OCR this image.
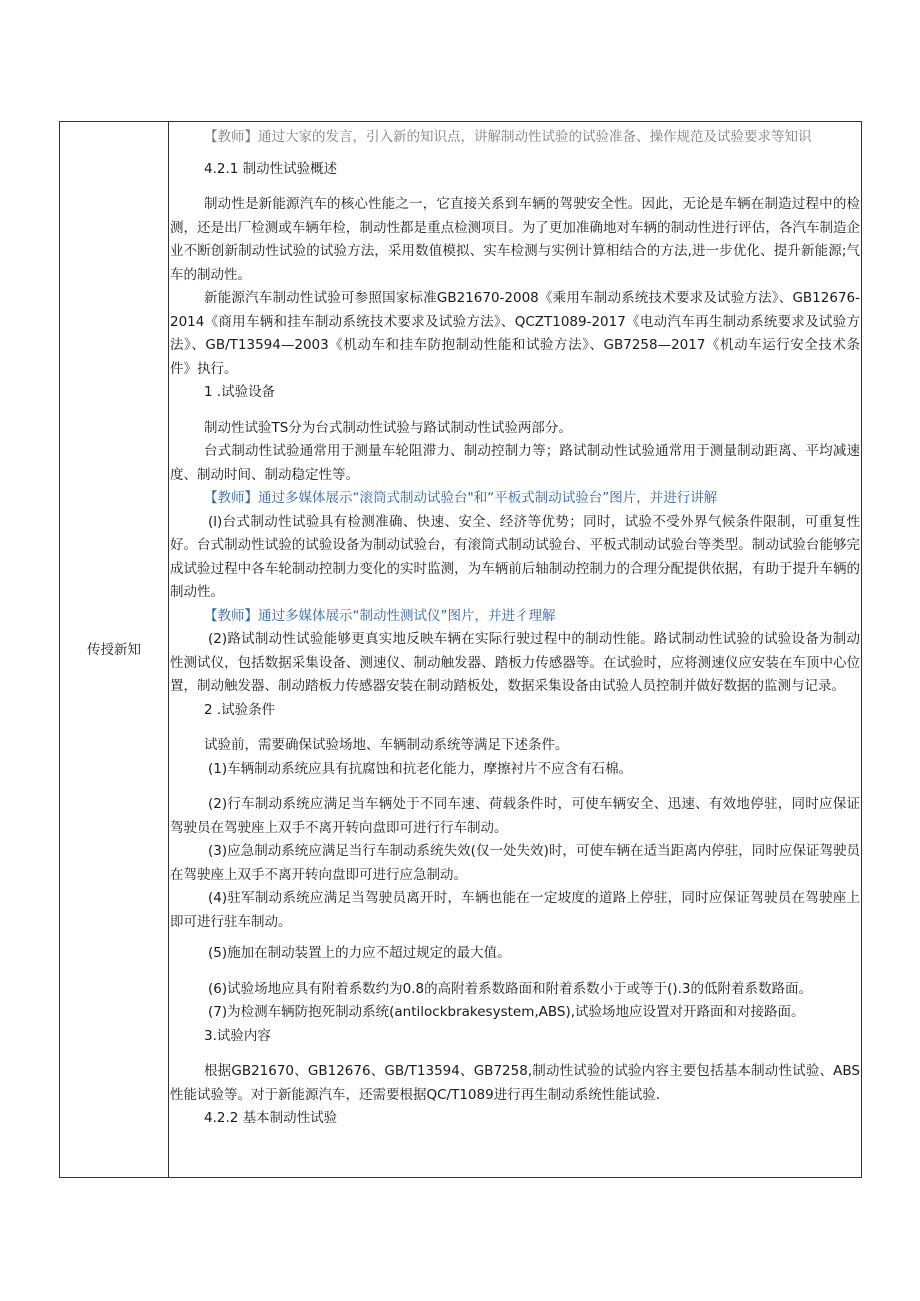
传授新知

【教师】通过大家的发言，引入新的知识点，讲解制动性试验的试验准备、操作规范及试验要求等知识

4.2.1 制动性试验概述

制动性是新能源汽车的核心性能之一，它直接关系到车辆的驾驶安全性。因此，无论是车辆在制造过程中的检测，还是出厂检测或车辆年检，制动性都是重点检测项目。为了更加准确地对车辆的制动性进行评估，各汽车制造企业不断创新制动性试验的试验方法，采用数值模拟、实车检测与实例计算相结合的方法,进一步优化、提升新能源;气车的制动性。

新能源汽车制动性试验可参照国家标准GB21670-2008《乘用车制动系统技术要求及试验方法》、GB12676-2014《商用车辆和挂车制动系统技术要求及试验方法》、QCZT1089-2017《电动汽车再生制动系统要求及试验方法》、GB/T13594—2003《机动车和挂车防抱制动性能和试验方法》、GB7258—2017《机动车运行安全技术条件》执行。

1 .试验设备

制动性试验TS分为台式制动性试验与路试制动性试验两部分。

台式制动性试验通常用于测量车轮阻滞力、制动控制力等；路试制动性试验通常用于测量制动距离、平均减速度、制动时间、制动稳定性等。

【教师】通过多媒体展示“滚筒式制动试验台"和“平板式制动试验台”图片，并进行讲解

(l)台式制动性试验具有检测准确、快速、安全、经济等优势；同时，试验不受外界气候条件限制，可重复性好。台式制动性试验的试验设备为制动试验台，有滚筒式制动试验台、平板式制动试验台等类型。制动试验台能够完成试验过程中各车轮制动控制力变化的实时监测，为车辆前后轴制动控制力的合理分配提供依据，有助于提升车辆的制动性。

【教师】通过多媒体展示“制动性测试仪”图片，并进彳理解

(2)路试制动性试验能够更真实地反映车辆在实际行驶过程中的制动性能。路试制动性试验的试验设备为制动性测试仪，包括数据采集设备、测速仪、制动触发器、踏板力传感器等。在试验时，应将测速仪应安装在车顶中心位置，制动触发器、制动踏板力传感器安装在制动踏板处，数据采集设备由试验人员控制并做好数据的监测与记录。

2 .试验条件

试验前，需要确保试验场地、车辆制动系统等满足下述条件。

(1)车辆制动系统应具有抗腐蚀和抗老化能力，摩擦衬片不应含有石棉。

(2)行车制动系统应满足当车辆处于不同车速、荷载条件时，可使车辆安全、迅速、有效地停驻，同时应保证驾驶员在驾驶座上双手不离开转向盘即可进行行车制动。

(3)应急制动系统应满足当行车制动系统失效(仅一处失效)时，可使车辆在适当距离内停驻，同时应保证驾驶员在驾驶座上双手不离开转向盘即可进行应急制动。

(4)驻军制动系统应满足当驾驶员离开时，车辆也能在一定坡度的道路上停驻，同时应保证驾驶员在驾驶座上即可进行驻车制动。

(5)施加在制动装置上的力应不超过规定的最大值。

(6)试验场地应具有附着系数约为0.8的高附着系数路面和附着系数小于或等于().3的低附着系数路面。

(7)为检测车辆防抱死制动系统(antilockbrakesystem,ABS),试验场地应设置对开路面和对接路面。

3.试验内容

根据GB21670、GB12676、GB/T13594、GB7258,制动性试验的试验内容主要包括基本制动性试验、ABS性能试验等。对于新能源汽车，还需要根据QC/T1089进行再生制动系统性能试验.

4.2.2 基本制动性试验
